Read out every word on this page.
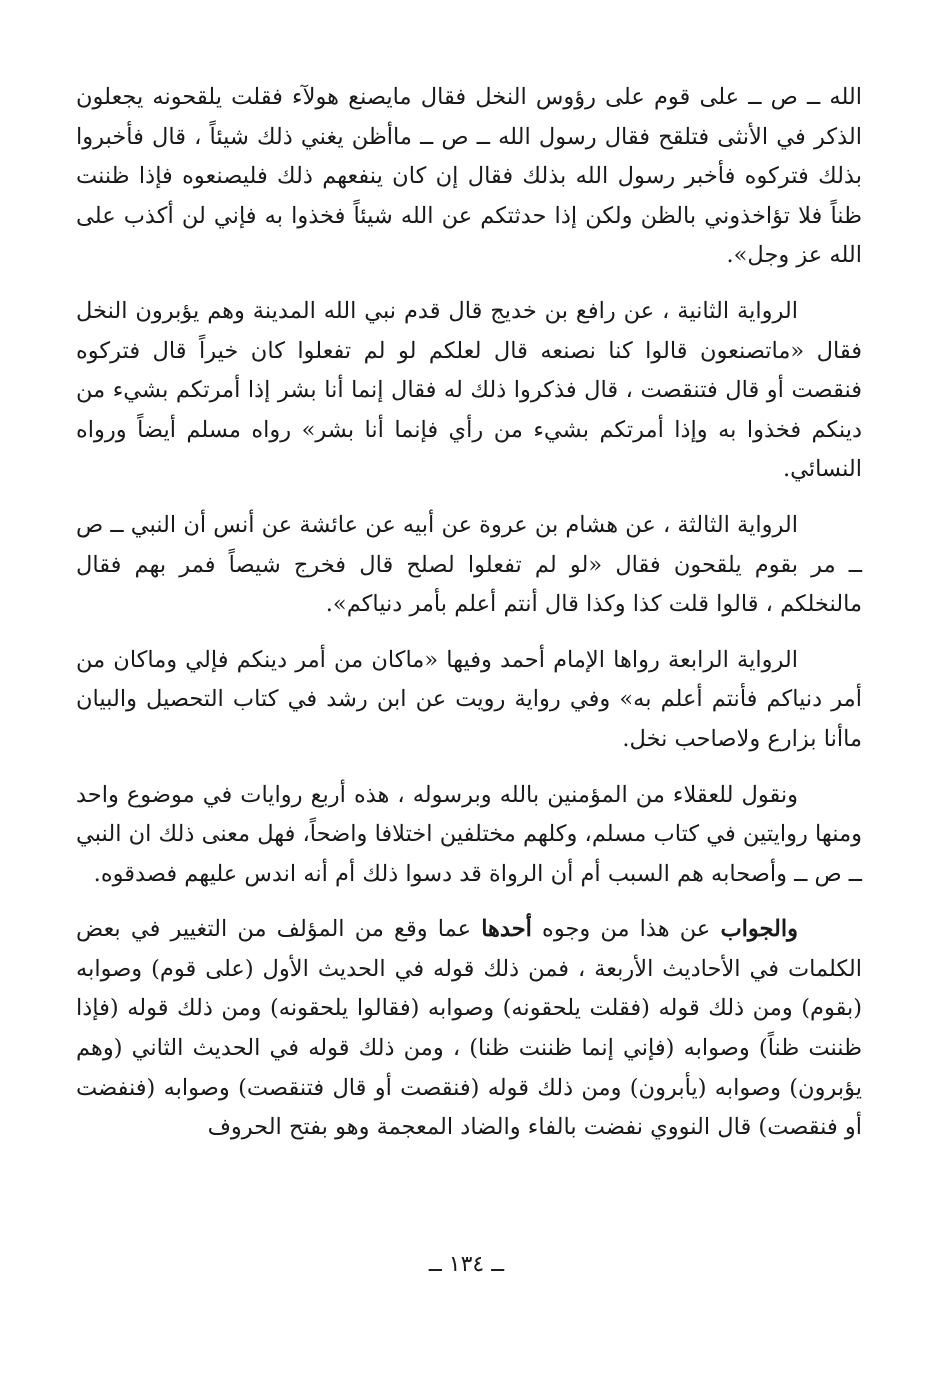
الله ــ ص ــ على قوم على رؤوس النخل فقال مايصنع هولآء فقلت يلقحونه يجعلون الذكر في الأنثى فتلقح فقال رسول الله ــ ص ــ ماأظن يغني ذلك شيئاً ، قال فأخبروا بذلك فتركوه فأخبر رسول الله بذلك فقال إن كان ينفعهم ذلك فليصنعوه فإذا ظننت ظناً فلا تؤاخذوني بالظن ولكن إذا حدثتكم عن الله شيئاً فخذوا به فإني لن أكذب على الله عز وجل».

الرواية الثانية ، عن رافع بن خديج قال قدم نبي الله المدينة وهم يؤبرون النخل فقال «ماتصنعون قالوا كنا نصنعه قال لعلكم لو لم تفعلوا كان خيراً قال فتركوه فنقصت أو قال فتنقصت ، قال فذكروا ذلك له فقال إنما أنا بشر إذا أمرتكم بشيء من دينكم فخذوا به وإذا أمرتكم بشيء من رأي فإنما أنا بشر» رواه مسلم أيضاً ورواه النسائي.

الرواية الثالثة ، عن هشام بن عروة عن أبيه عن عائشة عن أنس أن النبي ــ ص ــ مر بقوم يلقحون فقال «لو لم تفعلوا لصلح قال فخرج شيصاً فمر بهم فقال مالنخلكم ، قالوا قلت كذا وكذا قال أنتم أعلم بأمر دنياكم».

الرواية الرابعة رواها الإمام أحمد وفيها «ماكان من أمر دينكم فإلي وماكان من أمر دنياكم فأنتم أعلم به» وفي رواية رويت عن ابن رشد في كتاب التحصيل والبيان ماأنا بزارع ولاصاحب نخل.

ونقول للعقلاء من المؤمنين بالله وبرسوله ، هذه أربع روايات في موضوع واحد ومنها روايتين في كتاب مسلم، وكلهم مختلفين اختلافا واضحاً، فهل معنى ذلك ان النبي ــ ص ــ وأصحابه هم السبب أم أن الرواة قد دسوا ذلك أم أنه اندس عليهم فصدقوه.

والجواب عن هذا من وجوه أحدها عما وقع من المؤلف من التغيير في بعض الكلمات في الأحاديث الأربعة ، فمن ذلك قوله في الحديث الأول (على قوم) وصوابه (بقوم) ومن ذلك قوله (فقلت يلحقونه) وصوابه (فقالوا يلحقونه) ومن ذلك قوله (فإذا ظننت ظناً) وصوابه (فإني إنما ظننت ظنا) ، ومن ذلك قوله في الحديث الثاني (وهم يؤبرون) وصوابه (يأبرون) ومن ذلك قوله (فنقصت أو قال فتنقصت) وصوابه (فنفضت أو فنقصت) قال النووي نفضت بالفاء والضاد المعجمة وهو بفتح الحروف

ــ ١٣٤ ــ
